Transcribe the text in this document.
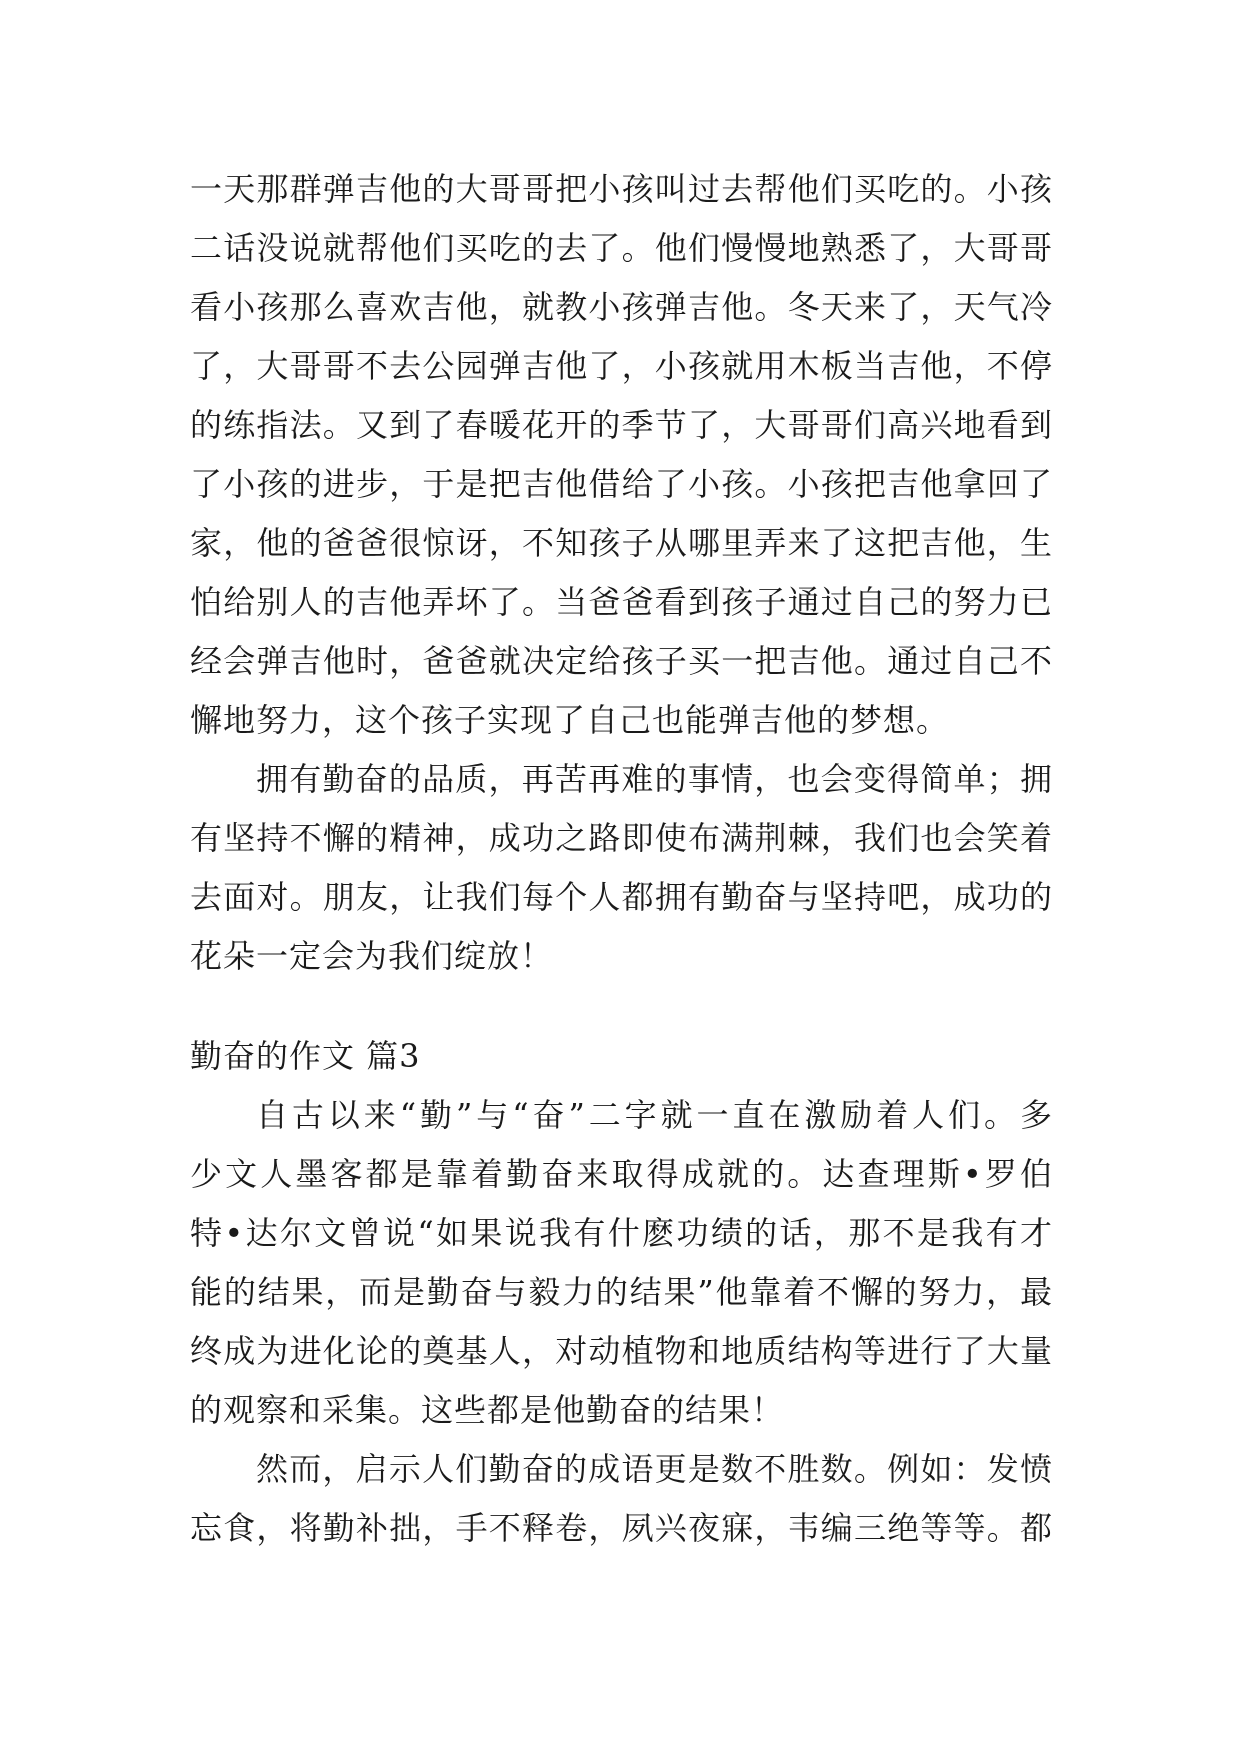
一天那群弹吉他的大哥哥把小孩叫过去帮他们买吃的。小孩
二话没说就帮他们买吃的去了。他们慢慢地熟悉了，大哥哥
看小孩那么喜欢吉他，就教小孩弹吉他。冬天来了，天气冷
了，大哥哥不去公园弹吉他了，小孩就用木板当吉他，不停
的练指法。又到了春暖花开的季节了，大哥哥们高兴地看到
了小孩的进步，于是把吉他借给了小孩。小孩把吉他拿回了
家，他的爸爸很惊讶，不知孩子从哪里弄来了这把吉他，生
怕给别人的吉他弄坏了。当爸爸看到孩子通过自己的努力已
经会弹吉他时，爸爸就决定给孩子买一把吉他。通过自己不
懈地努力，这个孩子实现了自己也能弹吉他的梦想。
拥有勤奋的品质，再苦再难的事情，也会变得简单；拥
有坚持不懈的精神，成功之路即使布满荆棘，我们也会笑着
去面对。朋友，让我们每个人都拥有勤奋与坚持吧，成功的
花朵一定会为我们绽放！
勤奋的作文 篇3
自古以来“勤”与“奋”二字就一直在激励着人们。多
少文人墨客都是靠着勤奋来取得成就的。达查理斯•罗伯
特•达尔文曾说“如果说我有什麽功绩的话，那不是我有才
能的结果，而是勤奋与毅力的结果”他靠着不懈的努力，最
终成为进化论的奠基人，对动植物和地质结构等进行了大量
的观察和采集。这些都是他勤奋的结果！
然而，启示人们勤奋的成语更是数不胜数。例如：发愤
忘食，将勤补拙，手不释卷，夙兴夜寐，韦编三绝等等。都
